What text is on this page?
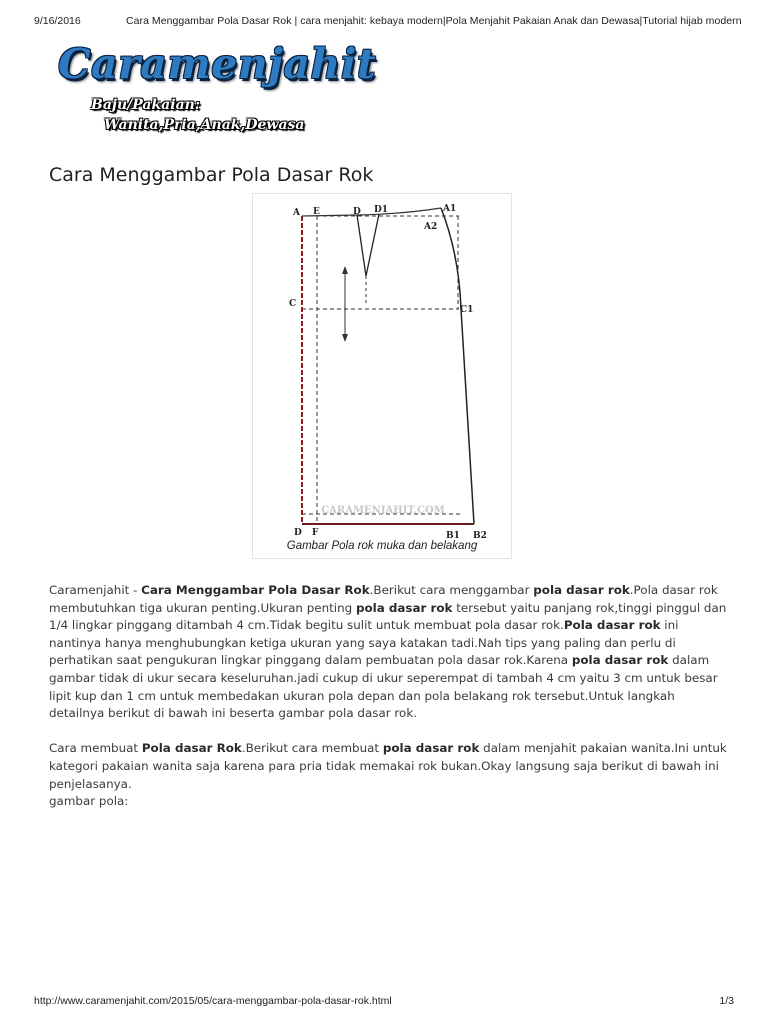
9/16/2016	Cara Menggambar Pola Dasar Rok | cara menjahit: kebaya modern|Pola Menjahit Pakaian Anak dan Dewasa|Tutorial hijab modern
Caramenjahit
Baju/Pakaian:
Wanita,Pria,Anak,Dewasa
Cara Menggambar Pola Dasar Rok
CARAMENJAHIT.COM
A E	D D1	A1
A2
C
C1
D F	B1 B2
Gambar Pola rok muka dan belakang

Caramenjahit - Cara Menggambar Pola Dasar Rok.Berikut cara menggambar pola dasar rok.Pola dasar rok membutuhkan tiga ukuran penting.Ukuran penting pola dasar rok tersebut yaitu panjang rok,tinggi pinggul dan 1/4 lingkar pinggang ditambah 4 cm.Tidak begitu sulit untuk membuat pola dasar rok.Pola dasar rok ini nantinya hanya menghubungkan ketiga ukuran yang saya katakan tadi.Nah tips yang paling dan perlu di perhatikan saat pengukuran lingkar pinggang dalam pembuatan pola dasar rok.Karena pola dasar rok dalam gambar tidak di ukur secara keseluruhan.jadi cukup di ukur seperempat di tambah 4 cm yaitu 3 cm untuk besar lipit kup dan 1 cm untuk membedakan ukuran pola depan dan pola belakang rok tersebut.Untuk langkah detailnya berikut di bawah ini beserta gambar pola dasar rok.

Cara membuat Pola dasar Rok.Berikut cara membuat pola dasar rok dalam menjahit pakaian wanita.Ini untuk kategori pakaian wanita saja karena para pria tidak memakai rok bukan.Okay langsung saja berikut di bawah ini penjelasanya.

gambar pola:

http://www.caramenjahit.com/2015/05/cara-menggambar-pola-dasar-rok.html	1/3
